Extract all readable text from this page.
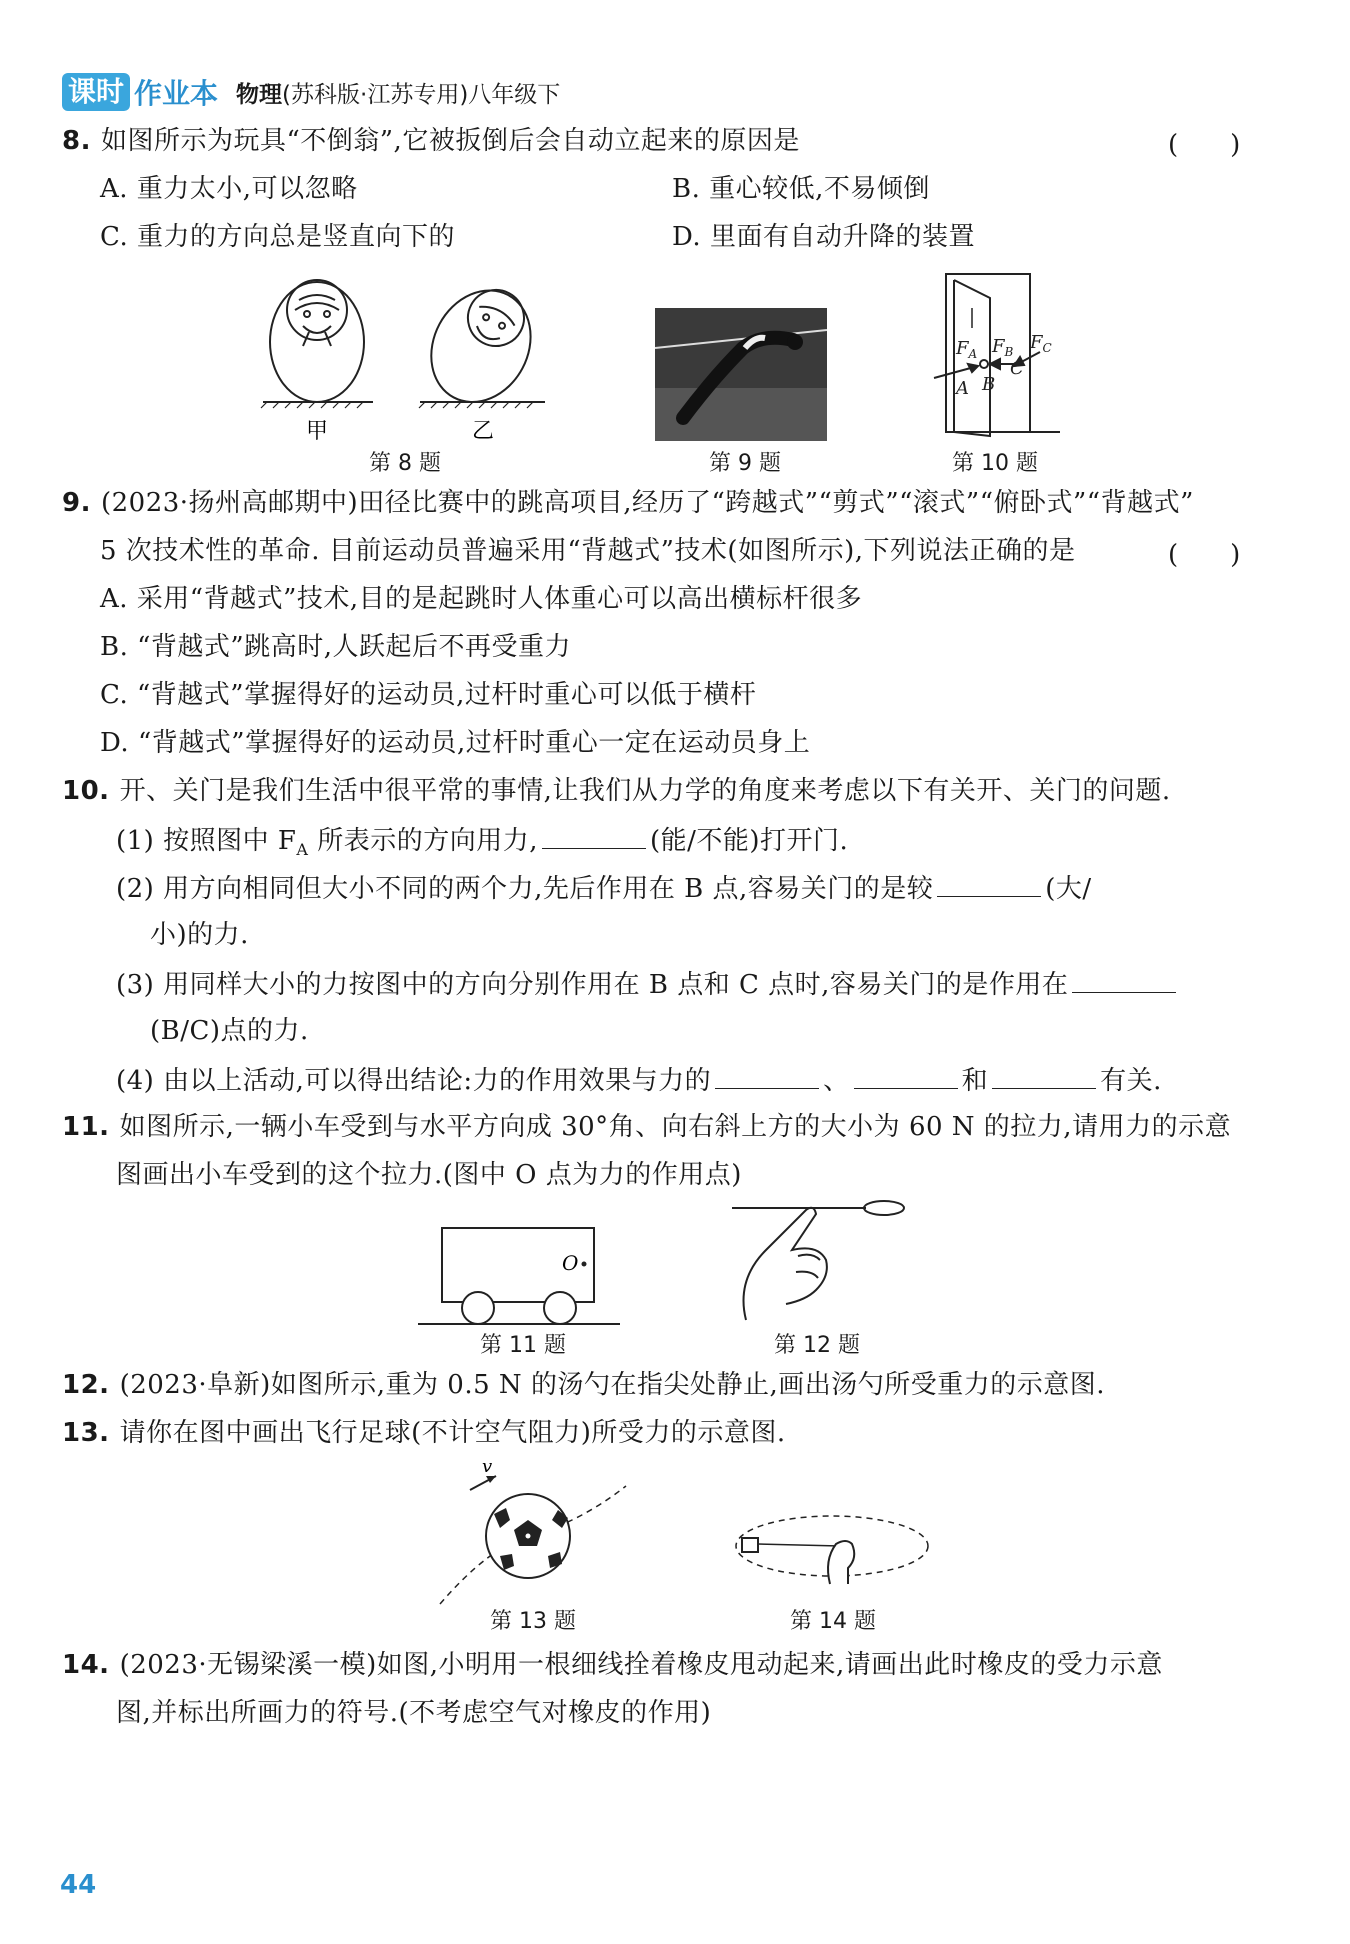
课时 作业本 物理(苏科版·江苏专用)八年级下
8. 如图所示为玩具“不倒翁”,它被扳倒后会自动立起来的原因是	(　　)
A. 重力太小,可以忽略	B. 重心较低,不易倾倒
C. 重力的方向总是竖直向下的	D. 里面有自动升降的装置
甲	乙
第 8 题	第 9 题
$F_A$ $F_B$ $F_C$
A B
C
第 10 题
9. (2023·扬州高邮期中)田径比赛中的跳高项目,经历了“跨越式”“剪式”“滚式”“俯卧式”“背越式”
5 次技术性的革命. 目前运动员普遍采用“背越式”技术(如图所示),下列说法正确的是	(　　)
A. 采用“背越式”技术,目的是起跳时人体重心可以高出横标杆很多
B. “背越式”跳高时,人跃起后不再受重力
C. “背越式”掌握得好的运动员,过杆时重心可以低于横杆
D. “背越式”掌握得好的运动员,过杆时重心一定在运动员身上
10. 开、关门是我们生活中很平常的事情,让我们从力学的角度来考虑以下有关开、关门的问题.
(1) 按照图中 $F_A$ 所表示的方向用力,	(能/不能)打开门.
(2) 用方向相同但大小不同的两个力,先后作用在 B 点,容易关门的是较	(大/
小)的力.
(3) 用同样大小的力按图中的方向分别作用在 B 点和 C 点时,容易关门的是作用在
(B/C)点的力.
(4) 由以上活动,可以得出结论:力的作用效果与力的	、	和	有关.
11. 如图所示,一辆小车受到与水平方向成 30°角、向右斜上方的大小为 60 N 的拉力,请用力的示意
图画出小车受到的这个拉力.(图中 O 点为力的作用点)
O
第 11 题	第 12 题
12. (2023·阜新)如图所示,重为 0.5 N 的汤勺在指尖处静止,画出汤勺所受重力的示意图.
13. 请你在图中画出飞行足球(不计空气阻力)所受力的示意图.
v
第 13 题	第 14 题
14. (2023·无锡梁溪一模)如图,小明用一根细线拴着橡皮甩动起来,请画出此时橡皮的受力示意
图,并标出所画力的符号.(不考虑空气对橡皮的作用)
44
